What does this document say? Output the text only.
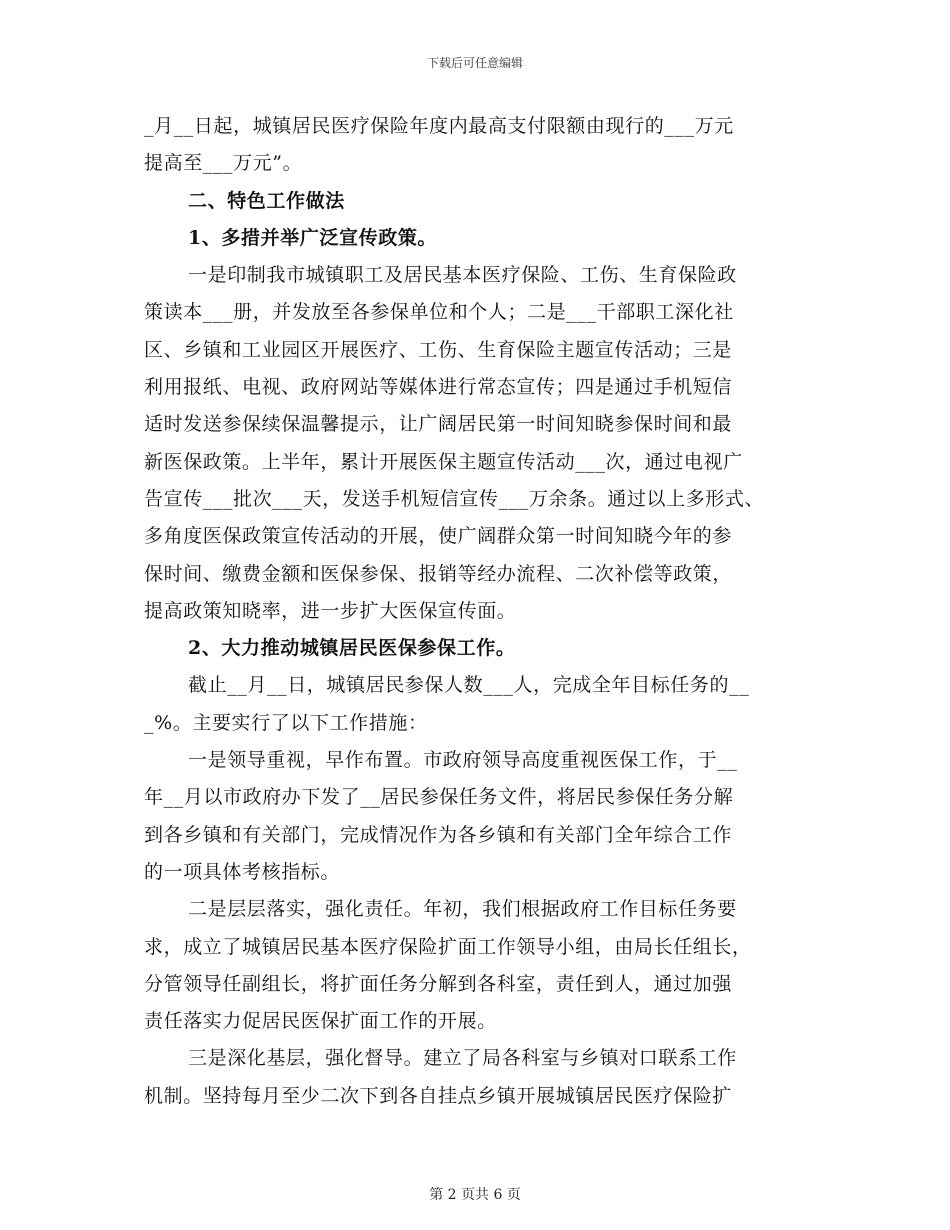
下载后可任意编辑
_月__日起，城镇居民医疗保险年度内最高支付限额由现行的___万元
提高至___万元”。
二、特色工作做法
1、多措并举广泛宣传政策。
一是印制我市城镇职工及居民基本医疗保险、工伤、生育保险政
策读本___册，并发放至各参保单位和个人；二是___干部职工深化社
区、乡镇和工业园区开展医疗、工伤、生育保险主题宣传活动；三是
利用报纸、电视、政府网站等媒体进行常态宣传；四是通过手机短信
适时发送参保续保温馨提示，让广阔居民第一时间知晓参保时间和最
新医保政策。上半年，累计开展医保主题宣传活动___次，通过电视广
告宣传___批次___天，发送手机短信宣传___万余条。通过以上多形式、
多角度医保政策宣传活动的开展，使广阔群众第一时间知晓今年的参
保时间、缴费金额和医保参保、报销等经办流程、二次补偿等政策，
提高政策知晓率，进一步扩大医保宣传面。
2、大力推动城镇居民医保参保工作。
截止__月__日，城镇居民参保人数___人，完成全年目标任务的__
_%。主要实行了以下工作措施：
一是领导重视，早作布置。市政府领导高度重视医保工作，于__
年__月以市政府办下发了__居民参保任务文件，将居民参保任务分解
到各乡镇和有关部门，完成情况作为各乡镇和有关部门全年综合工作
的一项具体考核指标。
二是层层落实，强化责任。年初，我们根据政府工作目标任务要
求，成立了城镇居民基本医疗保险扩面工作领导小组，由局长任组长，
分管领导任副组长，将扩面任务分解到各科室，责任到人，通过加强
责任落实力促居民医保扩面工作的开展。
三是深化基层，强化督导。建立了局各科室与乡镇对口联系工作
机制。坚持每月至少二次下到各自挂点乡镇开展城镇居民医疗保险扩
第 2 页共 6 页
